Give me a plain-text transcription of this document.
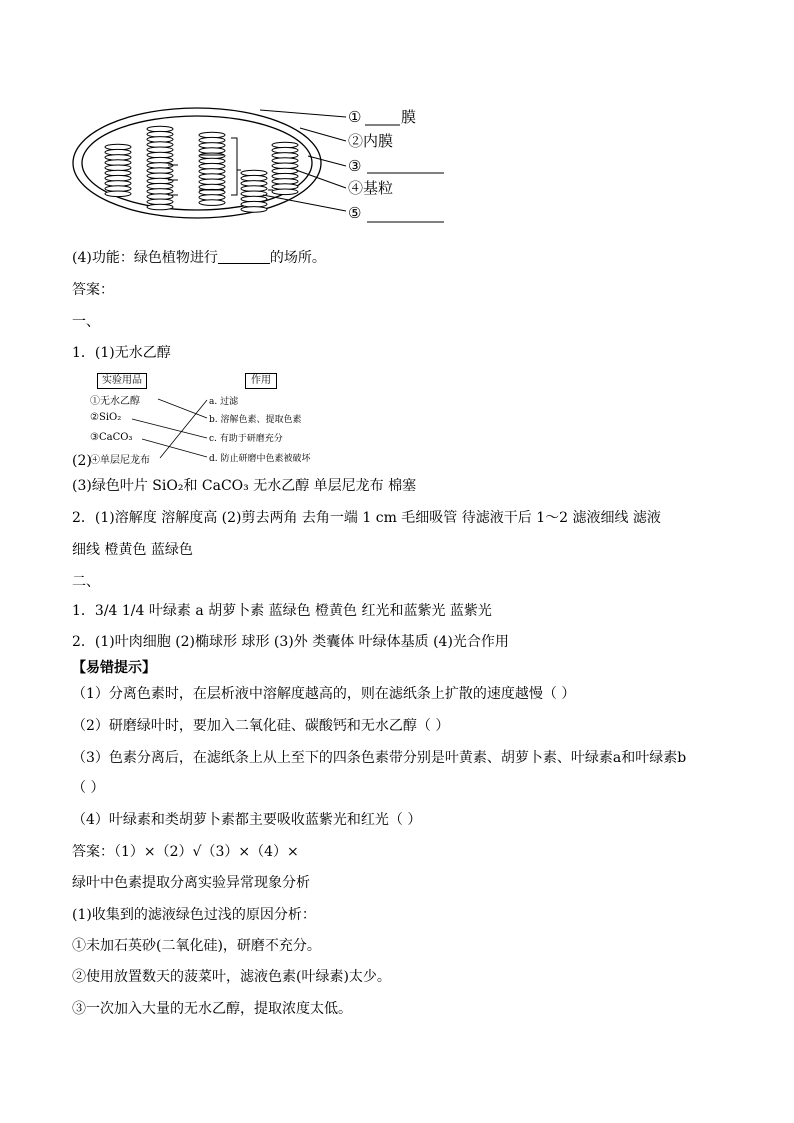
①	膜
②内膜
③
④基粒
⑤
(4)功能：绿色植物进行	的场所。
答案：
一、
1．(1)无水乙醇
实验用品	作用
①无水乙醇
②SiO₂
③CaCO₃
④单层尼龙布
a. 过滤
b. 溶解色素、提取色素
c. 有助于研磨充分
d. 防止研磨中色素被破坏
(2)
(3)绿色叶片 SiO₂和 CaCO₃ 无水乙醇 单层尼龙布 棉塞
2．(1)溶解度 溶解度高 (2)剪去两角 去角一端 1 cm 毛细吸管 待滤液干后 1～2 滤液细线 滤液
细线 橙黄色 蓝绿色
二、
1．3/4 1/4 叶绿素 a 胡萝卜素 蓝绿色 橙黄色 红光和蓝紫光 蓝紫光
2．(1)叶肉细胞 (2)椭球形 球形 (3)外 类囊体 叶绿体基质 (4)光合作用
【易错提示】
（1）分离色素时，在层析液中溶解度越高的，则在滤纸条上扩散的速度越慢（ ）
（2）研磨绿叶时，要加入二氧化硅、碳酸钙和无水乙醇（ ）
（3）色素分离后，在滤纸条上从上至下的四条色素带分别是叶黄素、胡萝卜素、叶绿素a和叶绿素b
（ ）
（4）叶绿素和类胡萝卜素都主要吸收蓝紫光和红光（ ）
答案：（1）×（2）√（3）×（4）×
绿叶中色素提取分离实验异常现象分析
(1)收集到的滤液绿色过浅的原因分析：
①未加石英砂(二氧化硅)，研磨不充分。
②使用放置数天的菠菜叶，滤液色素(叶绿素)太少。
③一次加入大量的无水乙醇，提取浓度太低。
